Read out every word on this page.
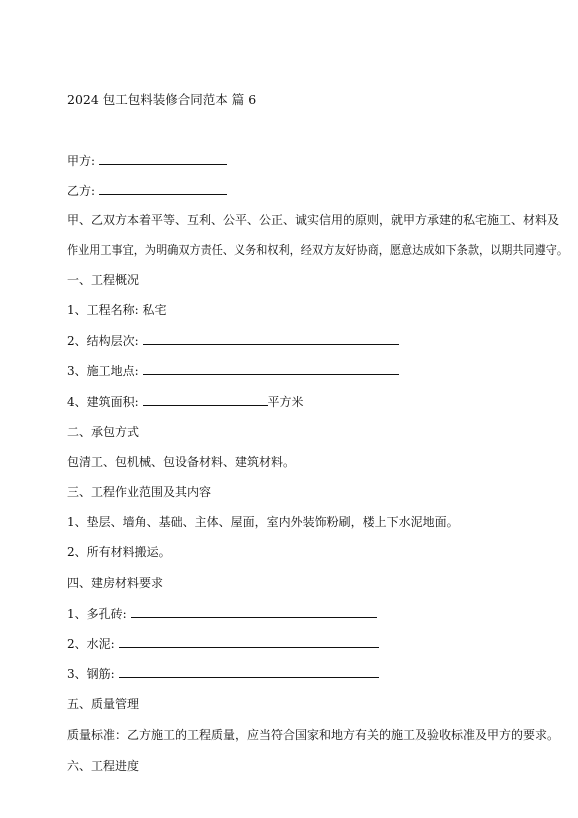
2024 包工包料装修合同范本 篇 6
甲方:
乙方:
甲、乙双方本着平等、互利、公平、公正、诚实信用的原则，就甲方承建的私宅施工、材料及
作业用工事宜，为明确双方责任、义务和权利，经双方友好协商，愿意达成如下条款，以期共同遵守。
一、工程概况
1、工程名称: 私宅
2、结构层次:
3、施工地点:
4、建筑面积:	平方米
二、承包方式
包清工、包机械、包设备材料、建筑材料。
三、工程作业范围及其内容
1、垫层、墙角、基础、主体、屋面，室内外装饰粉刷，楼上下水泥地面。
2、所有材料搬运。
四、建房材料要求
1、多孔砖:
2、水泥:
3、钢筋:
五、质量管理
质量标准：乙方施工的工程质量，应当符合国家和地方有关的施工及验收标准及甲方的要求。
六、工程进度
